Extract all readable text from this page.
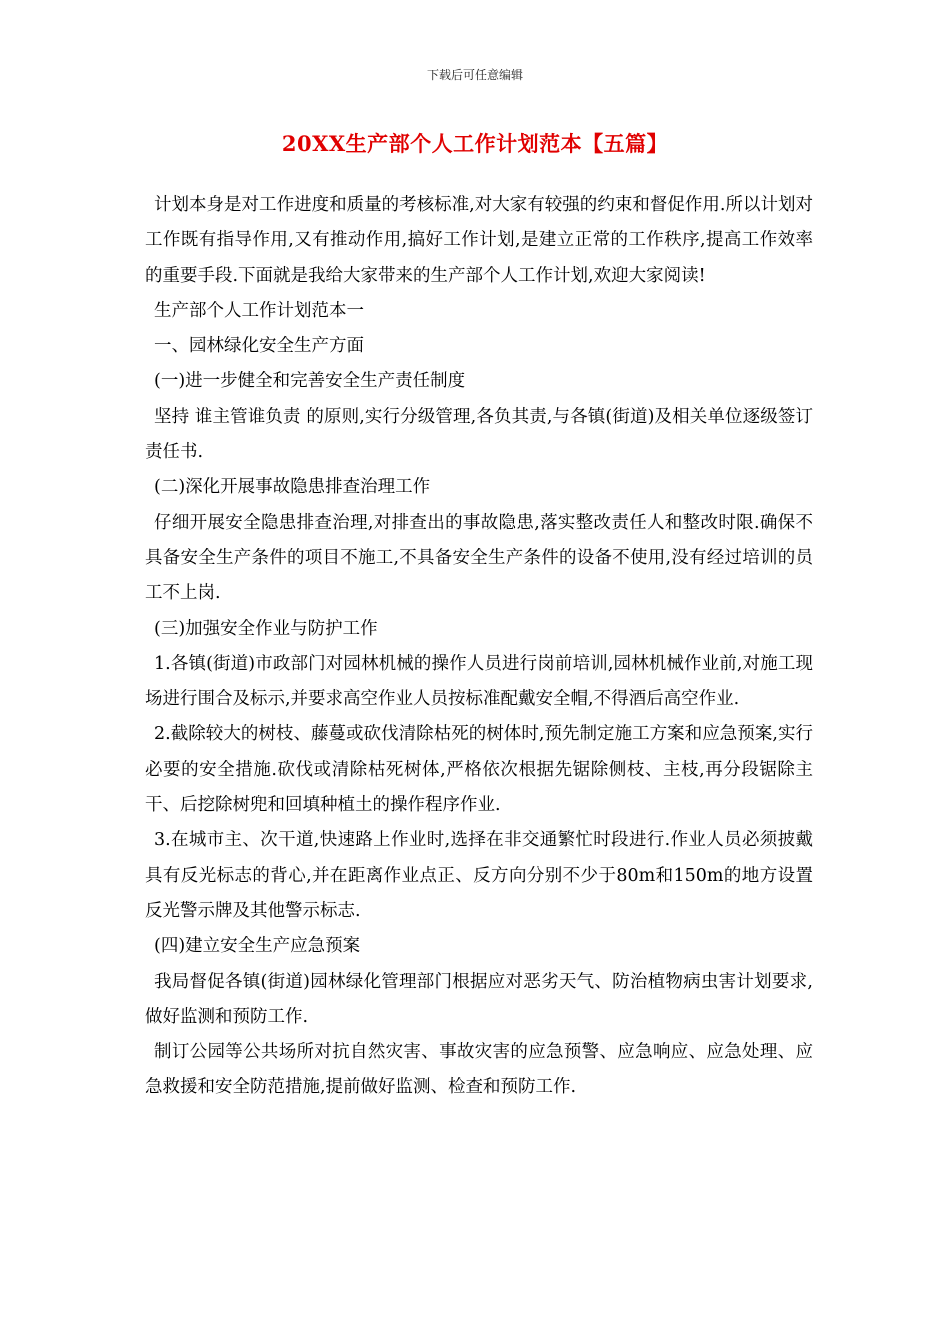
下载后可任意编辑
20XX生产部个人工作计划范本【五篇】

计划本身是对工作进度和质量的考核标准,对大家有较强的约束和督促作用.所以计划对工作既有指导作用,又有推动作用,搞好工作计划,是建立正常的工作秩序,提高工作效率的重要手段.下面就是我给大家带来的生产部个人工作计划,欢迎大家阅读!

生产部个人工作计划范本一

一、园林绿化安全生产方面

(一)进一步健全和完善安全生产责任制度

坚持 谁主管谁负责 的原则,实行分级管理,各负其责,与各镇(街道)及相关单位逐级签订责任书.

(二)深化开展事故隐患排查治理工作

仔细开展安全隐患排查治理,对排查出的事故隐患,落实整改责任人和整改时限.确保不具备安全生产条件的项目不施工,不具备安全生产条件的设备不使用,没有经过培训的员工不上岗.

(三)加强安全作业与防护工作

1.各镇(街道)市政部门对园林机械的操作人员进行岗前培训,园林机械作业前,对施工现场进行围合及标示,并要求高空作业人员按标准配戴安全帽,不得酒后高空作业.

2.截除较大的树枝、藤蔓或砍伐清除枯死的树体时,预先制定施工方案和应急预案,实行必要的安全措施.砍伐或清除枯死树体,严格依次根据先锯除侧枝、主枝,再分段锯除主干、后挖除树兜和回填种植土的操作程序作业.

3.在城市主、次干道,快速路上作业时,选择在非交通繁忙时段进行.作业人员必须披戴具有反光标志的背心,并在距离作业点正、反方向分别不少于80m和150m的地方设置反光警示牌及其他警示标志.

(四)建立安全生产应急预案

我局督促各镇(街道)园林绿化管理部门根据应对恶劣天气、防治植物病虫害计划要求,做好监测和预防工作.

制订公园等公共场所对抗自然灾害、事故灾害的应急预警、应急响应、应急处理、应急救援和安全防范措施,提前做好监测、检查和预防工作.
